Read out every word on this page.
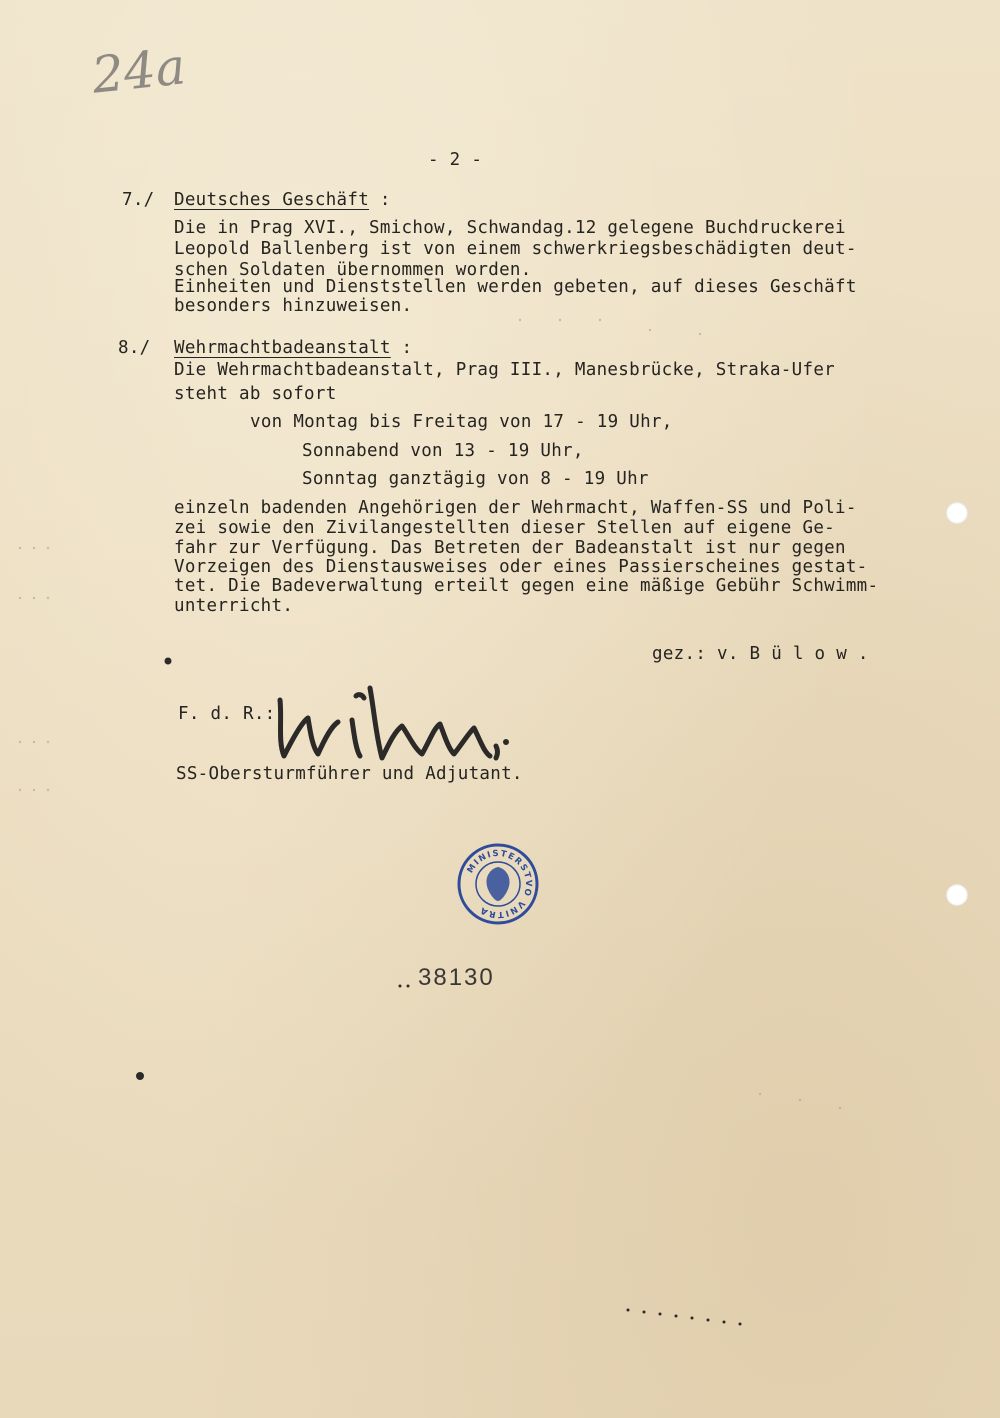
24a
- 2 -
7./ Deutsches Geschäft :
Die in Prag XVI., Smichow, Schwandag.12 gelegene Buchdruckerei
Leopold Ballenberg ist von einem schwerkriegsbeschädigten deut-
schen Soldaten übernommen worden.
Einheiten und Dienststellen werden gebeten, auf dieses Geschäft
besonders hinzuweisen.
8./ Wehrmachtbadeanstalt :
Die Wehrmachtbadeanstalt, Prag III., Manesbrücke, Straka-Ufer
steht ab sofort
von Montag bis Freitag von 17 - 19 Uhr,
Sonnabend von 13 - 19 Uhr,
Sonntag ganztägig von 8 - 19 Uhr
einzeln badenden Angehörigen der Wehrmacht, Waffen-SS und Poli-
zei sowie den Zivilangestellten dieser Stellen auf eigene Ge-
fahr zur Verfügung. Das Betreten der Badeanstalt ist nur gegen
Vorzeigen des Dienstausweises oder eines Passierscheines gestat-
tet. Die Badeverwaltung erteilt gegen eine mäßige Gebühr Schwimm-
unterricht.
gez.: v. B ü l o w .
F. d. R.:
SS-Obersturmführer und Adjutant.
MINISTERSTVO VNITRA
38130
